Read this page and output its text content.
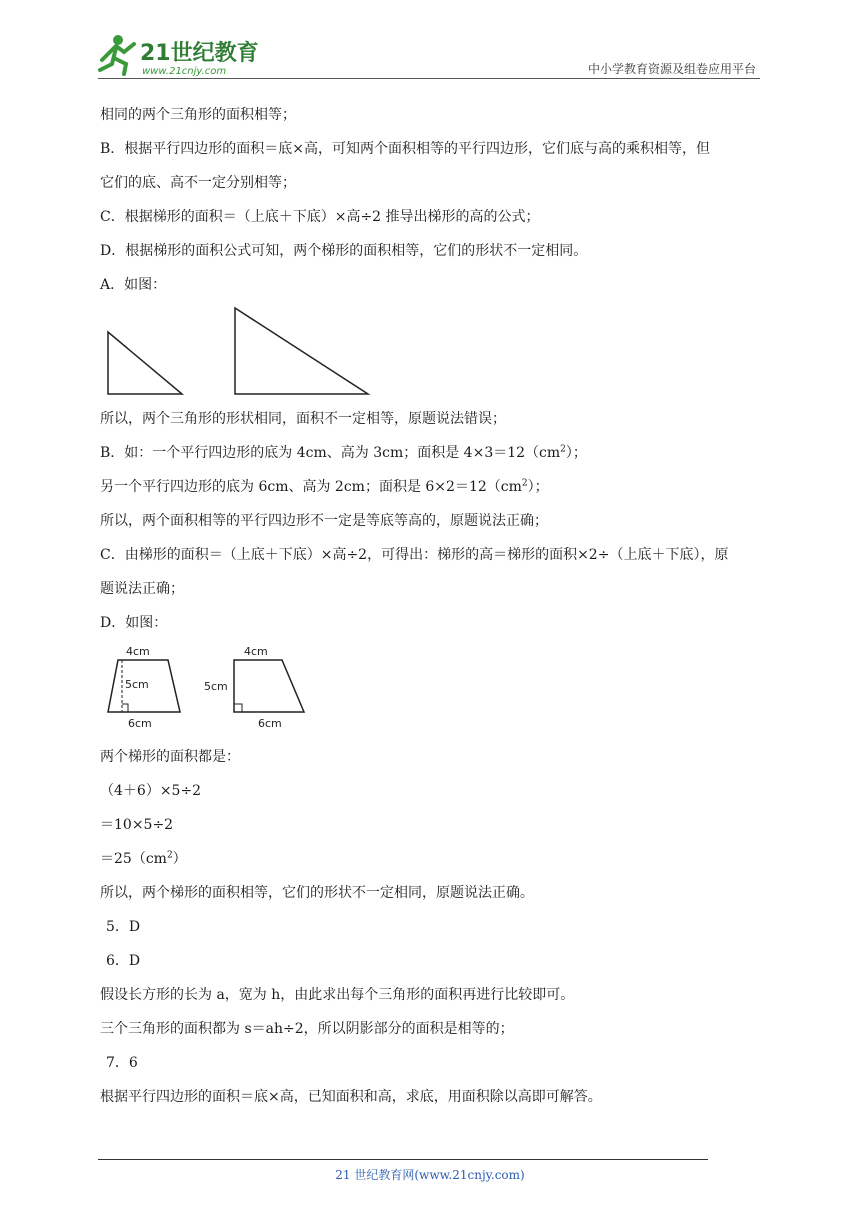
21世纪教育
www.21cnjy.com	中小学教育资源及组卷应用平台

相同的两个三角形的面积相等；

B．根据平行四边形的面积＝底×高，可知两个面积相等的平行四边形，它们底与高的乘积相等，但

它们的底、高不一定分别相等；

C．根据梯形的面积＝（上底＋下底）×高÷2 推导出梯形的高的公式；

D．根据梯形的面积公式可知，两个梯形的面积相等，它们的形状不一定相同。

A．如图：

所以，两个三角形的形状相同，面积不一定相等，原题说法错误；

B．如：一个平行四边形的底为 4cm、高为 3cm；面积是 $4\times 3=12(cm^2)$；

另一个平行四边形的底为 6cm、高为 2cm；面积是 $6\times 2=12(cm^2)$；

所以，两个面积相等的平行四边形不一定是等底等高的，原题说法正确；

C．由梯形的面积＝（上底＋下底）×高÷2，可得出：梯形的高＝梯形的面积×2÷（上底＋下底），原

题说法正确；

D．如图：

4cm
5cm
6cm
4cm
5cm
6cm

两个梯形的面积都是：

（4＋6）×5÷2

＝10×5÷2

$=25(cm^2)$

所以，两个梯形的面积相等，它们的形状不一定相同，原题说法正确。

5．D

6．D

假设长方形的长为 a，宽为 h，由此求出每个三角形的面积再进行比较即可。

三个三角形的面积都为 s＝ah÷2，所以阴影部分的面积是相等的；

7．6

根据平行四边形的面积＝底×高，已知面积和高，求底，用面积除以高即可解答。

21 世纪教育网(www.21cnjy.com)
